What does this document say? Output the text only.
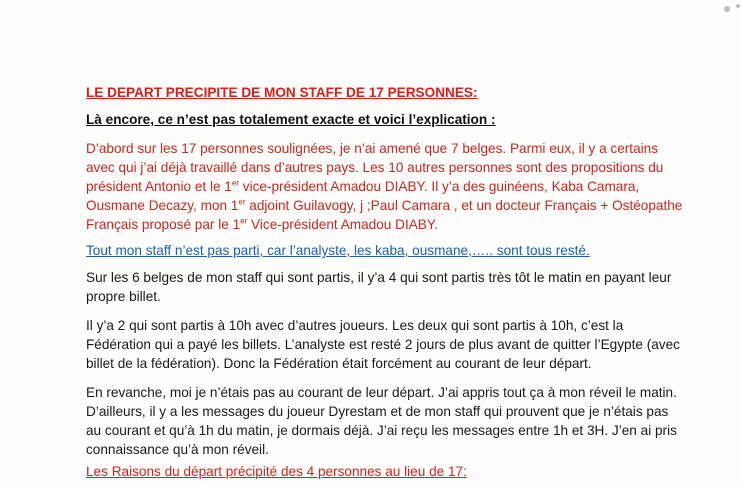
LE DEPART PRECIPITE DE MON STAFF DE 17 PERSONNES:
Là encore, ce n’est pas totalement exacte et voici l’explication :
D’abord sur les 17 personnes soulignées, je n’ai amené que 7 belges. Parmi eux, il y a certains avec qui j’ai déjà travaillé dans d’autres pays. Les 10 autres personnes sont des propositions du président Antonio et le 1er vice-président Amadou DIABY. Il y’a des guinéens, Kaba Camara, Ousmane Decazy, mon 1er adjoint Guilavogy, j ;Paul Camara , et un docteur Français + Ostéopathe Français proposé par le 1er Vice-président Amadou DIABY.
Tout mon staff n’est pas parti, car l’analyste, les kaba, ousmane,….. sont tous resté.
Sur les 6 belges de mon staff qui sont partis, il y’a 4 qui sont partis très tôt le matin en payant leur propre billet.
Il y’a 2 qui sont partis à 10h avec d’autres joueurs. Les deux qui sont partis à 10h, c’est la Fédération qui a payé les billets. L’analyste est resté 2 jours de plus avant de quitter l’Egypte (avec billet de la fédération). Donc la Fédération était forcément au courant de leur départ.
En revanche, moi je n’étais pas au courant de leur départ. J’ai appris tout ça à mon réveil le matin. D’ailleurs, il y a les messages du joueur Dyrestam et de mon staff qui prouvent que je n’étais pas au courant et qu’à 1h du matin, je dormais déjà. J’ai reçu les messages entre 1h et 3H. J’en ai pris connaissance qu’à mon réveil.
Les Raisons du départ précipité des 4 personnes au lieu de 17:
